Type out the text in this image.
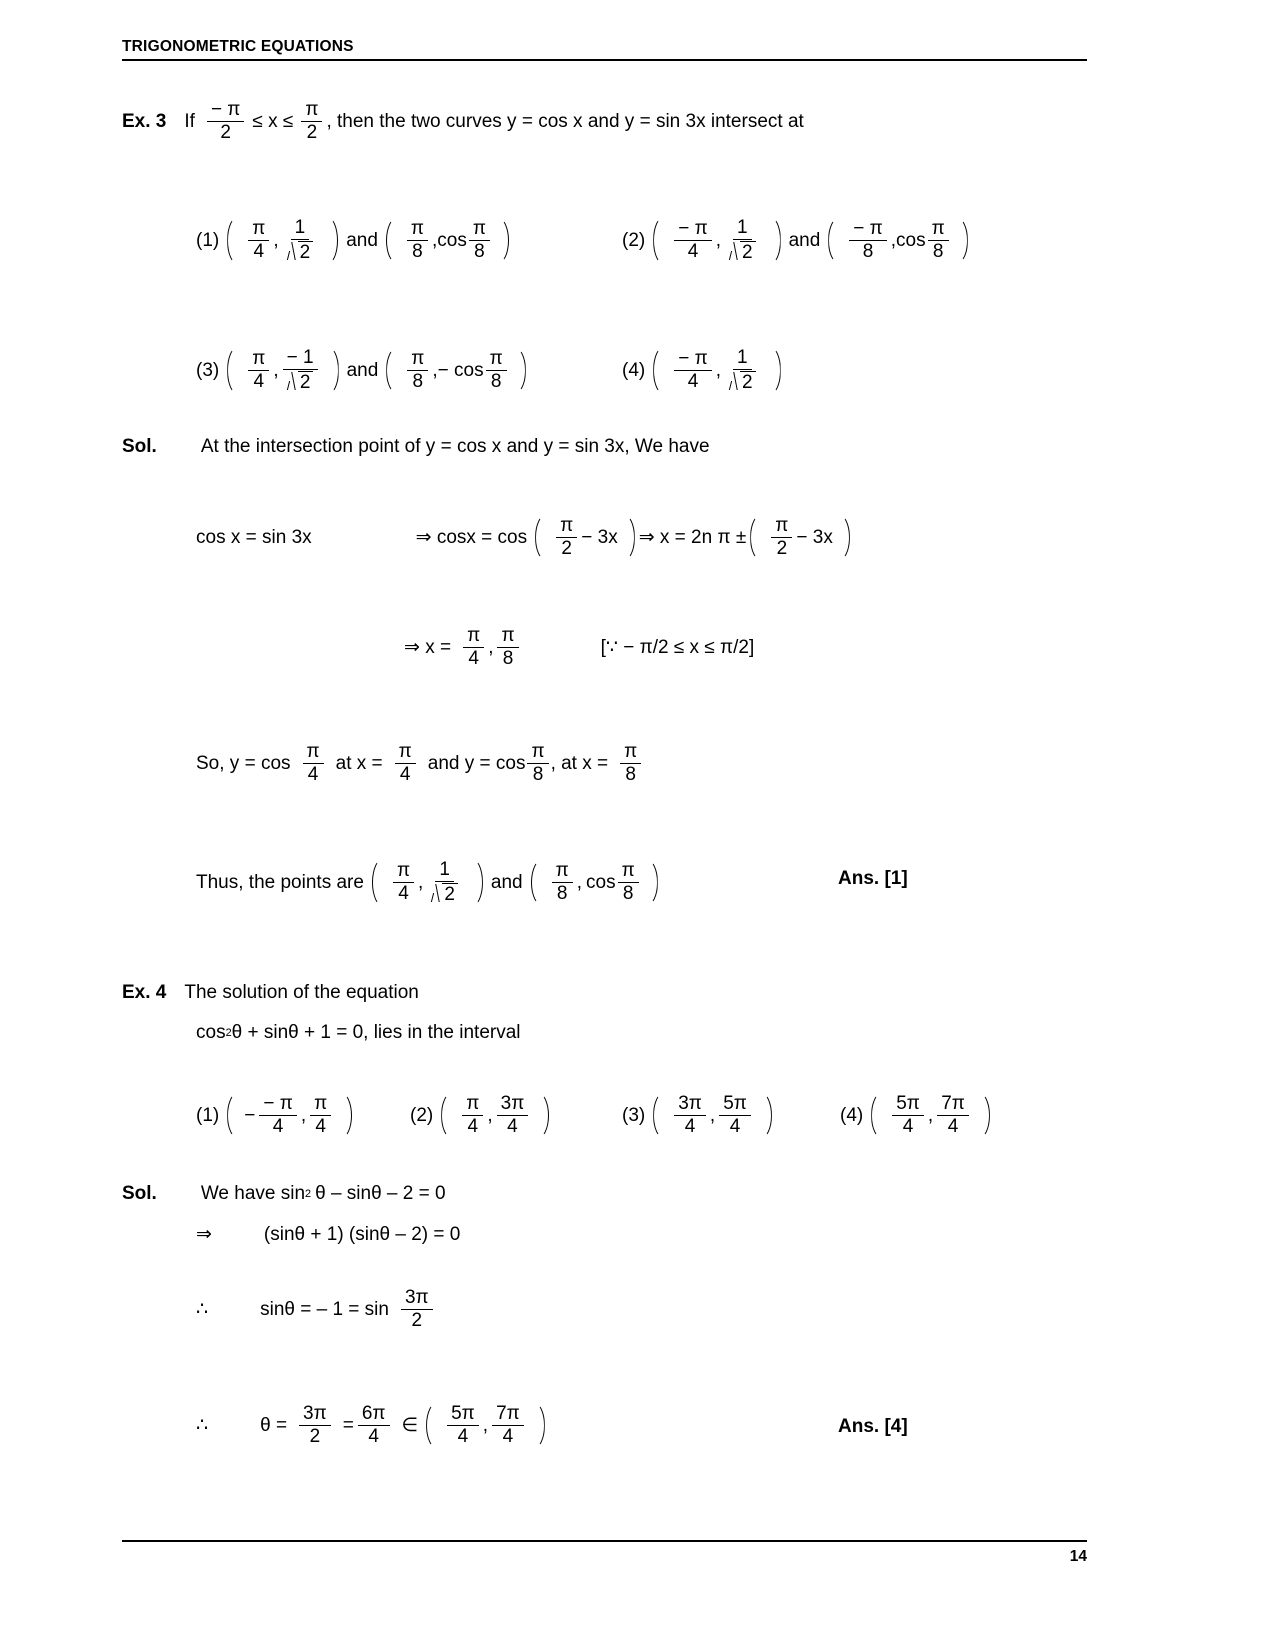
TRIGONOMETRIC EQUATIONS
Ex. 3 If $\frac{- \pi}{2} \le x \le \frac{\pi}{2}$ , then the two curves y = cos x and y = sin 3x intersect at
$(1) \frac{\pi}{4}$ , $\frac{1}{2}$ and $\frac{\pi}{8}$ , $\cos \frac{\pi}{8}$	$(2) \frac{- \pi}{4}$ , $\frac{1}{2}$ and $\frac{- \pi}{8}$ , $\cos \frac{\pi}{8}$
$(3) \frac{\pi}{4}$ , $\frac{- 1}{2}$ and $\frac{\pi}{8}$ , − $\cos \frac{\pi}{8}$	$(4) \frac{- \pi}{4}$ , $\frac{1}{2}$
Sol. At the intersection point of y = cos x and y = sin 3x, We have
cos x = sin 3x	⇒ $\cos x = \cos \frac{\pi}{2} - 3x$ ⇒ x = 2n $\pi \pm \frac{\pi}{2} - 3x$
⇒ $x = \frac{\pi}{4}$ , $\frac{\pi}{8}$	[∵ − π/2 ≤ x ≤ π/2]
So, $y = \cos \frac{\pi}{4}$ at $x = \frac{\pi}{4}$ and $y = \cos \frac{\pi}{8}$ , at $x = \frac{\pi}{8}$
Thus, the points are $\frac{\pi}{4}$ , $\frac{1}{2}$ and $\frac{\pi}{8}$ , $\cos \frac{\pi}{8}$	Ans. [1]
Ex. 4 The solution of the equation
cos 2 θ + sinθ + 1 = 0, lies in the interval
$(1) - \frac{- \pi}{4}$ , $\frac{\pi}{4}$	$(2) \frac{\pi}{4}$ , $\frac{3\pi}{4}$	$(3) \frac{3\pi}{4}$ , $\frac{5\pi}{4}$	$(4) \frac{5\pi}{4}$ , $\frac{7\pi}{4}$
Sol. We have sin 2 θ – sinθ – 2 = 0
⇒	(sinθ + 1) (sinθ – 2) = 0
∴	sinθ = – $1 = \sin \frac{3\pi}{2}$
∴	$\theta = \frac{3\pi}{2} = \frac{6\pi}{4}$ ∈ $\frac{5\pi}{4}$ , $\frac{7\pi}{4}$	Ans. [4]
14
